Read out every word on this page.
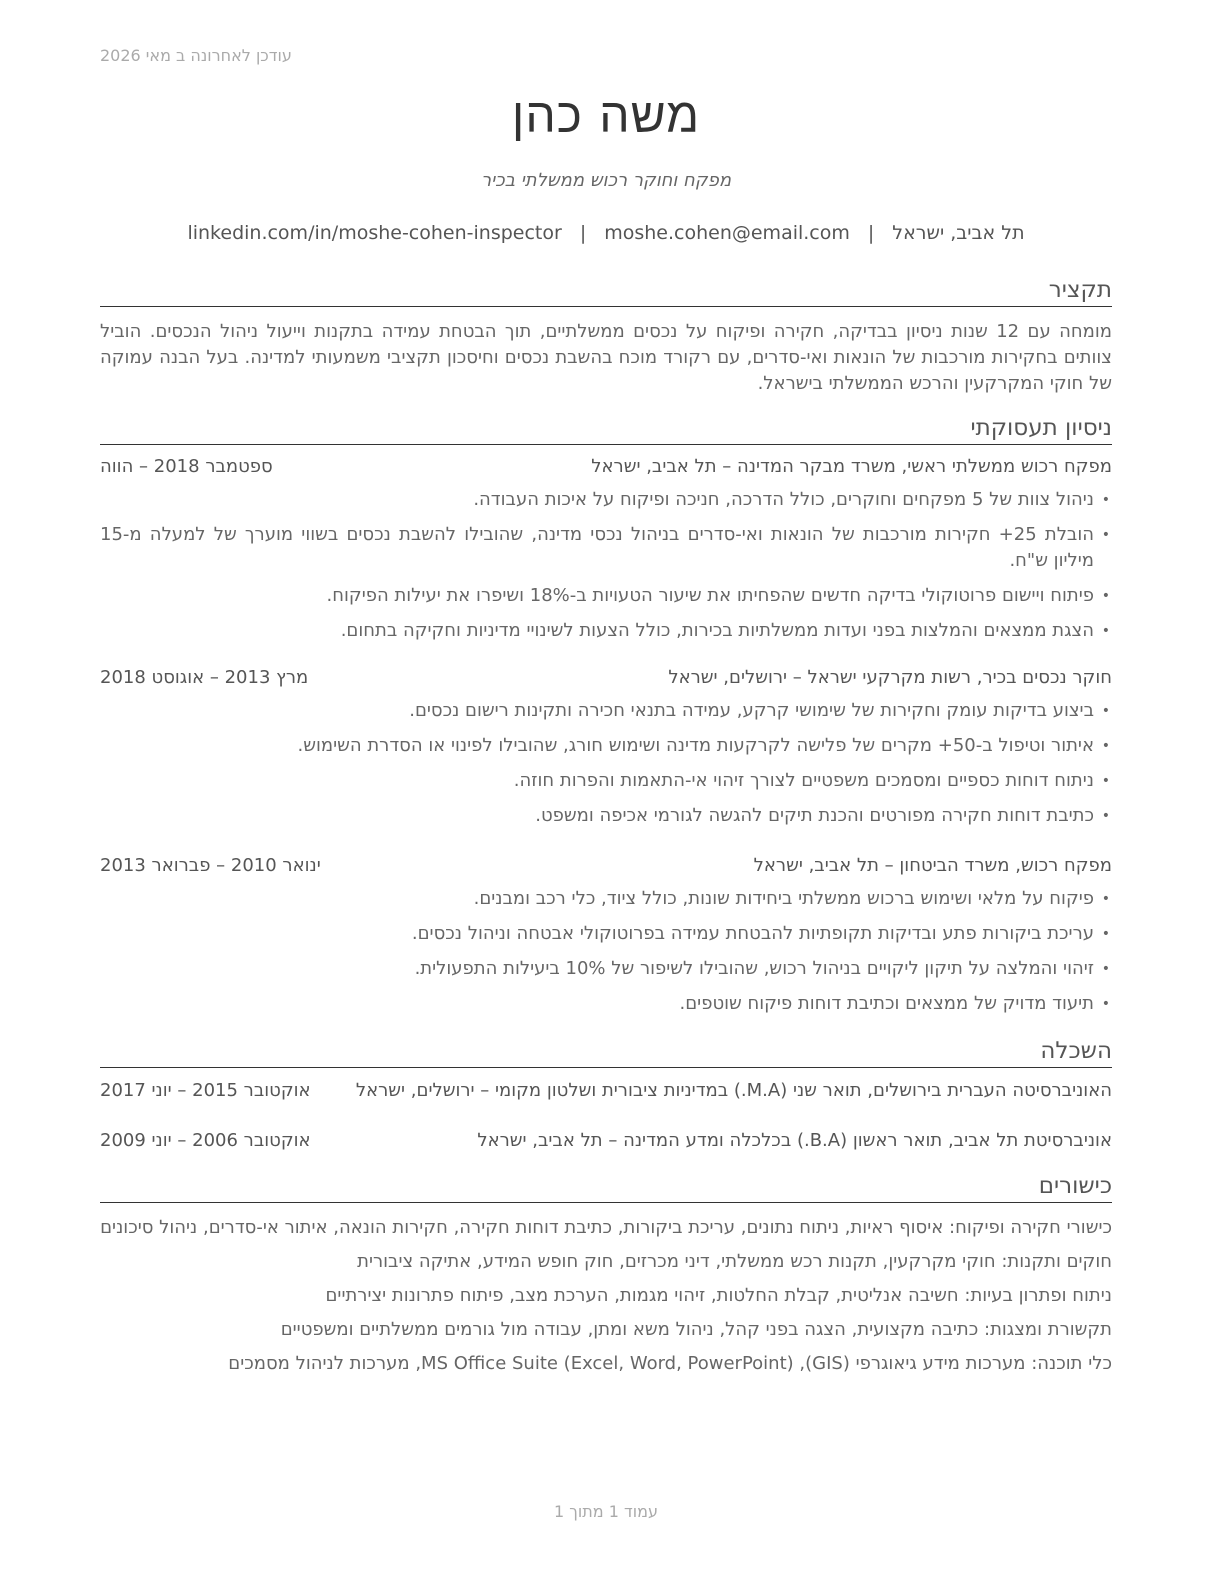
עודכן לאחרונה ב מאי 2026
משה כהן
מפקח וחוקר רכוש ממשלתי בכיר
תל אביב, ישראל
|
moshe.cohen@email.com
|
linkedin.com/in/moshe-cohen-inspector
תקציר
מומחה עם 12 שנות ניסיון בבדיקה, חקירה ופיקוח על נכסים ממשלתיים, תוך הבטחת עמידה בתקנות וייעול ניהול הנכסים. הוביל צוותים בחקירות מורכבות של הונאות ואי-סדרים, עם רקורד מוכח בהשבת נכסים וחיסכון תקציבי משמעותי למדינה. בעל הבנה עמוקה של חוקי המקרקעין והרכש הממשלתי בישראל.
ניסיון תעסוקתי
מפקח רכוש ממשלתי ראשי, משרד מבקר המדינה – תל אביב, ישראל
ספטמבר 2018 – הווה
•
ניהול צוות של 5 מפקחים וחוקרים, כולל הדרכה, חניכה ופיקוח על איכות העבודה.
•
הובלת 25+ חקירות מורכבות של הונאות ואי-סדרים בניהול נכסי מדינה, שהובילו להשבת נכסים בשווי מוערך של למעלה מ-15 מיליון ש"ח.
•
פיתוח ויישום פרוטוקולי בדיקה חדשים שהפחיתו את שיעור הטעויות ב-18% ושיפרו את יעילות הפיקוח.
•
הצגת ממצאים והמלצות בפני ועדות ממשלתיות בכירות, כולל הצעות לשינויי מדיניות וחקיקה בתחום.
חוקר נכסים בכיר, רשות מקרקעי ישראל – ירושלים, ישראל
מרץ 2013 – אוגוסט 2018
•
ביצוע בדיקות עומק וחקירות של שימושי קרקע, עמידה בתנאי חכירה ותקינות רישום נכסים.
•
איתור וטיפול ב-50+ מקרים של פלישה לקרקעות מדינה ושימוש חורג, שהובילו לפינוי או הסדרת השימוש.
•
ניתוח דוחות כספיים ומסמכים משפטיים לצורך זיהוי אי-התאמות והפרות חוזה.
•
כתיבת דוחות חקירה מפורטים והכנת תיקים להגשה לגורמי אכיפה ומשפט.
מפקח רכוש, משרד הביטחון – תל אביב, ישראל
ינואר 2010 – פברואר 2013
•
פיקוח על מלאי ושימוש ברכוש ממשלתי ביחידות שונות, כולל ציוד, כלי רכב ומבנים.
•
עריכת ביקורות פתע ובדיקות תקופתיות להבטחת עמידה בפרוטוקולי אבטחה וניהול נכסים.
•
זיהוי והמלצה על תיקון ליקויים בניהול רכוש, שהובילו לשיפור של 10% ביעילות התפעולית.
•
תיעוד מדויק של ממצאים וכתיבת דוחות פיקוח שוטפים.
השכלה
האוניברסיטה העברית בירושלים, תואר שני (M.A.) במדיניות ציבורית ושלטון מקומי – ירושלים, ישראל
אוקטובר 2015 – יוני 2017
אוניברסיטת תל אביב, תואר ראשון (B.A.) בכלכלה ומדע המדינה – תל אביב, ישראל
אוקטובר 2006 – יוני 2009
כישורים
כישורי חקירה ופיקוח: איסוף ראיות, ניתוח נתונים, עריכת ביקורות, כתיבת דוחות חקירה, חקירות הונאה, איתור אי-סדרים, ניהול סיכונים
חוקים ותקנות: חוקי מקרקעין, תקנות רכש ממשלתי, דיני מכרזים, חוק חופש המידע, אתיקה ציבורית
ניתוח ופתרון בעיות: חשיבה אנליטית, קבלת החלטות, זיהוי מגמות, הערכת מצב, פיתוח פתרונות יצירתיים
תקשורת ומצגות: כתיבה מקצועית, הצגה בפני קהל, ניהול משא ומתן, עבודה מול גורמים ממשלתיים ומשפטיים
כלי תוכנה: מערכות מידע גיאוגרפי (GIS), MS Office Suite (Excel, Word, PowerPoint), מערכות לניהול מסמכים
עמוד 1 מתוך 1
